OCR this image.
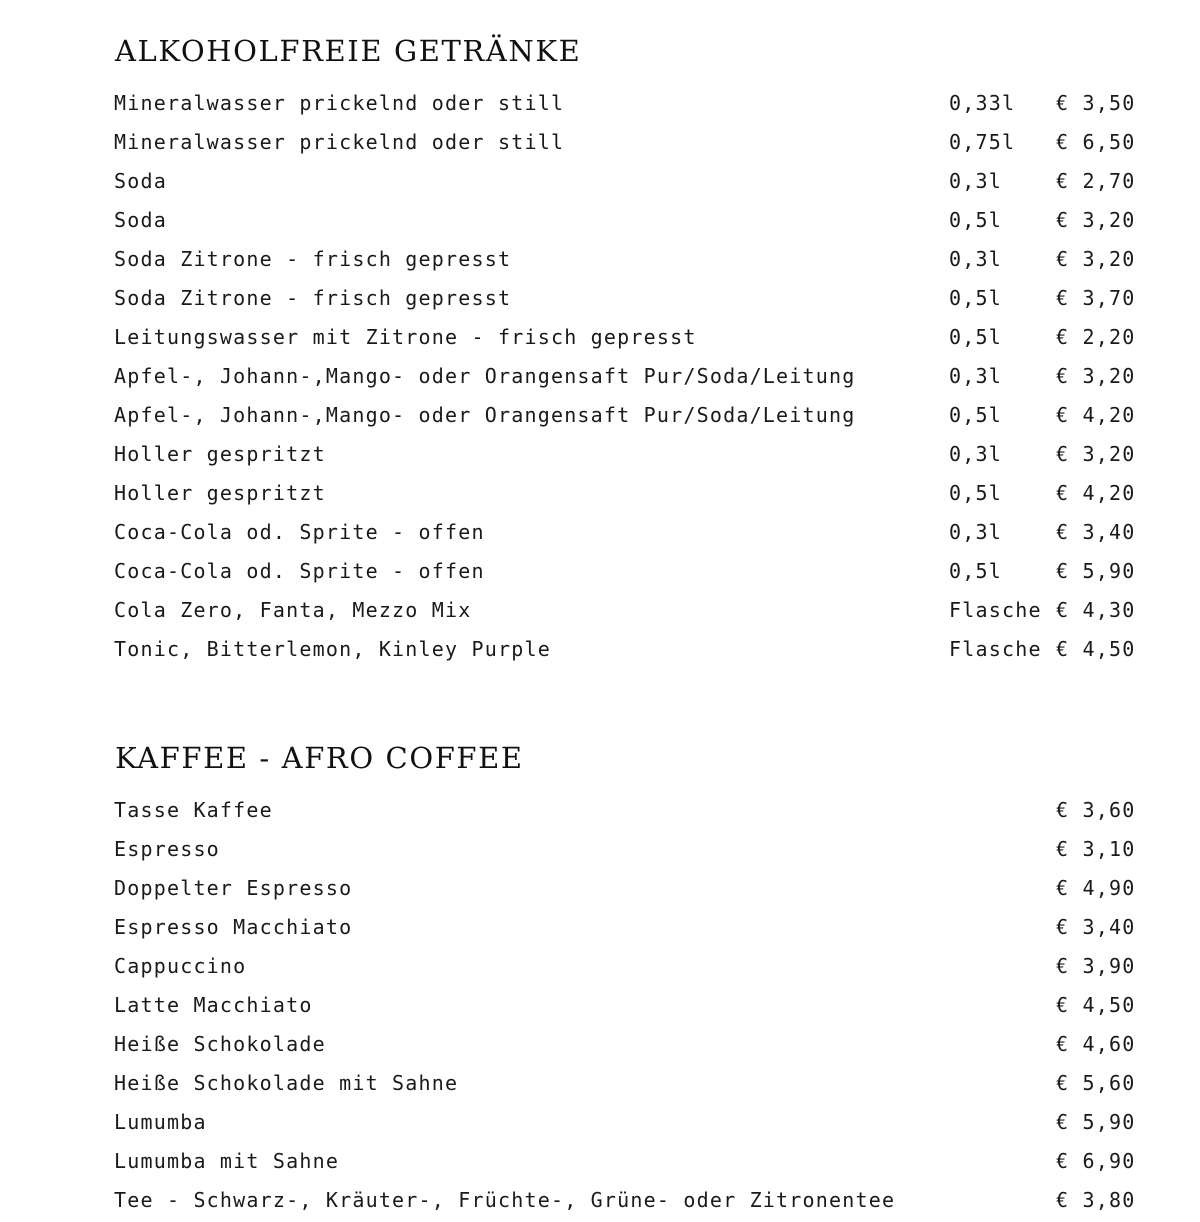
ALKOHOLFREIE GETRÄNKE
Mineralwasser prickelnd oder still	0,33l € 3,50
Mineralwasser prickelnd oder still	0,75l € 6,50
Soda	0,3l	€ 2,70
Soda	0,5l	€ 3,20
Soda Zitrone - frisch gepresst	0,3l	€ 3,20
Soda Zitrone - frisch gepresst	0,5l	€ 3,70
Leitungswasser mit Zitrone - frisch gepresst	0,5l	€ 2,20
Apfel-, Johann-,Mango- oder Orangensaft Pur/Soda/Leitung	0,3l	€ 3,20
Apfel-, Johann-,Mango- oder Orangensaft Pur/Soda/Leitung	0,5l	€ 4,20
Holler gespritzt	0,3l	€ 3,20
Holler gespritzt	0,5l	€ 4,20
Coca-Cola od. Sprite - offen	0,3l	€ 3,40
Coca-Cola od. Sprite - offen	0,5l	€ 5,90
Cola Zero, Fanta, Mezzo Mix	Flasche € 4,30
Tonic, Bitterlemon, Kinley Purple	Flasche € 4,50
KAFFEE - AFRO COFFEE
Tasse Kaffee	€ 3,60
Espresso	€ 3,10
Doppelter Espresso	€ 4,90
Espresso Macchiato	€ 3,40
Cappuccino	€ 3,90
Latte Macchiato	€ 4,50
Heiße Schokolade	€ 4,60
Heiße Schokolade mit Sahne	€ 5,60
Lumumba	€ 5,90
Lumumba mit Sahne	€ 6,90
Tee - Schwarz-, Kräuter-, Früchte-, Grüne- oder Zitronentee	€ 3,80
